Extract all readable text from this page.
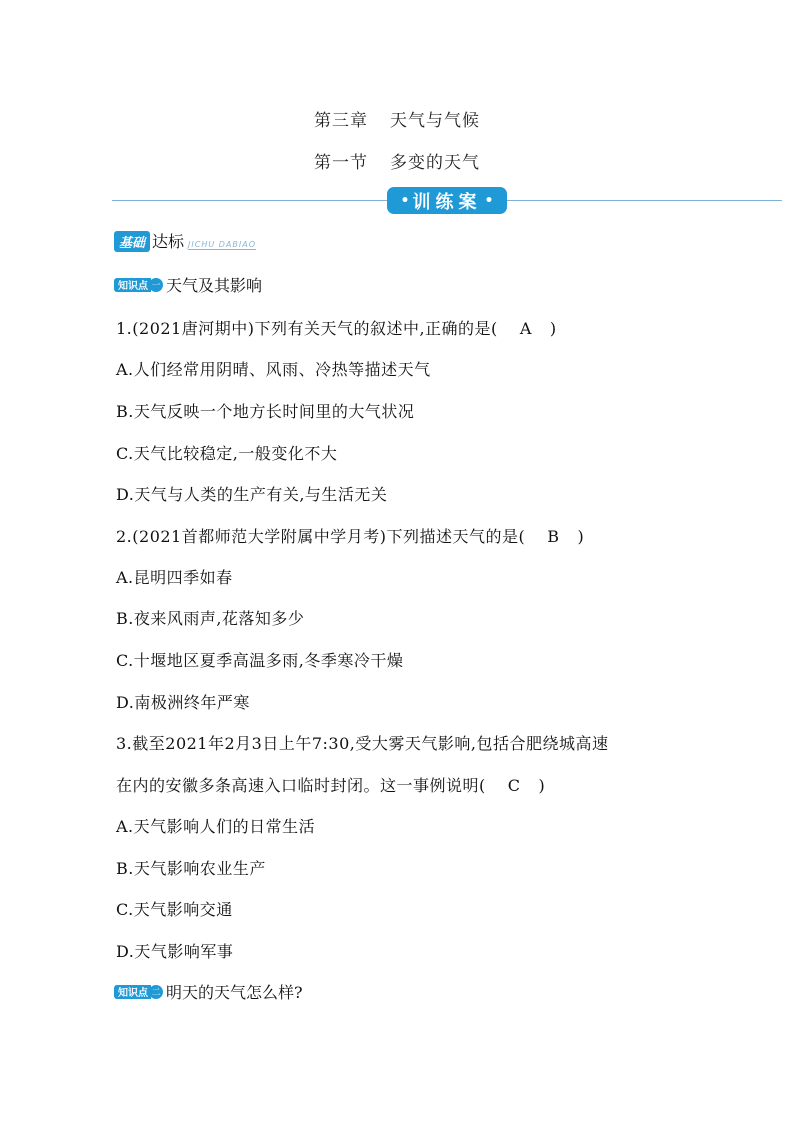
第三章 天气与气候
第一节 多变的天气
• 训练案 •
基础 达标 JICHU DABIAO
知识点 一 天气及其影响
1.(2021唐河期中)下列有关天气的叙述中,正确的是( A )
A.人们经常用阴晴、风雨、冷热等描述天气
B.天气反映一个地方长时间里的大气状况
C.天气比较稳定,一般变化不大
D.天气与人类的生产有关,与生活无关
2.(2021首都师范大学附属中学月考)下列描述天气的是( B )
A.昆明四季如春
B.夜来风雨声,花落知多少
C.十堰地区夏季高温多雨,冬季寒冷干燥
D.南极洲终年严寒
3.截至2021年2月3日上午7:30,受大雾天气影响,包括合肥绕城高速
在内的安徽多条高速入口临时封闭。这一事例说明( C )
A.天气影响人们的日常生活
B.天气影响农业生产
C.天气影响交通
D.天气影响军事
知识点 二 明天的天气怎么样?
